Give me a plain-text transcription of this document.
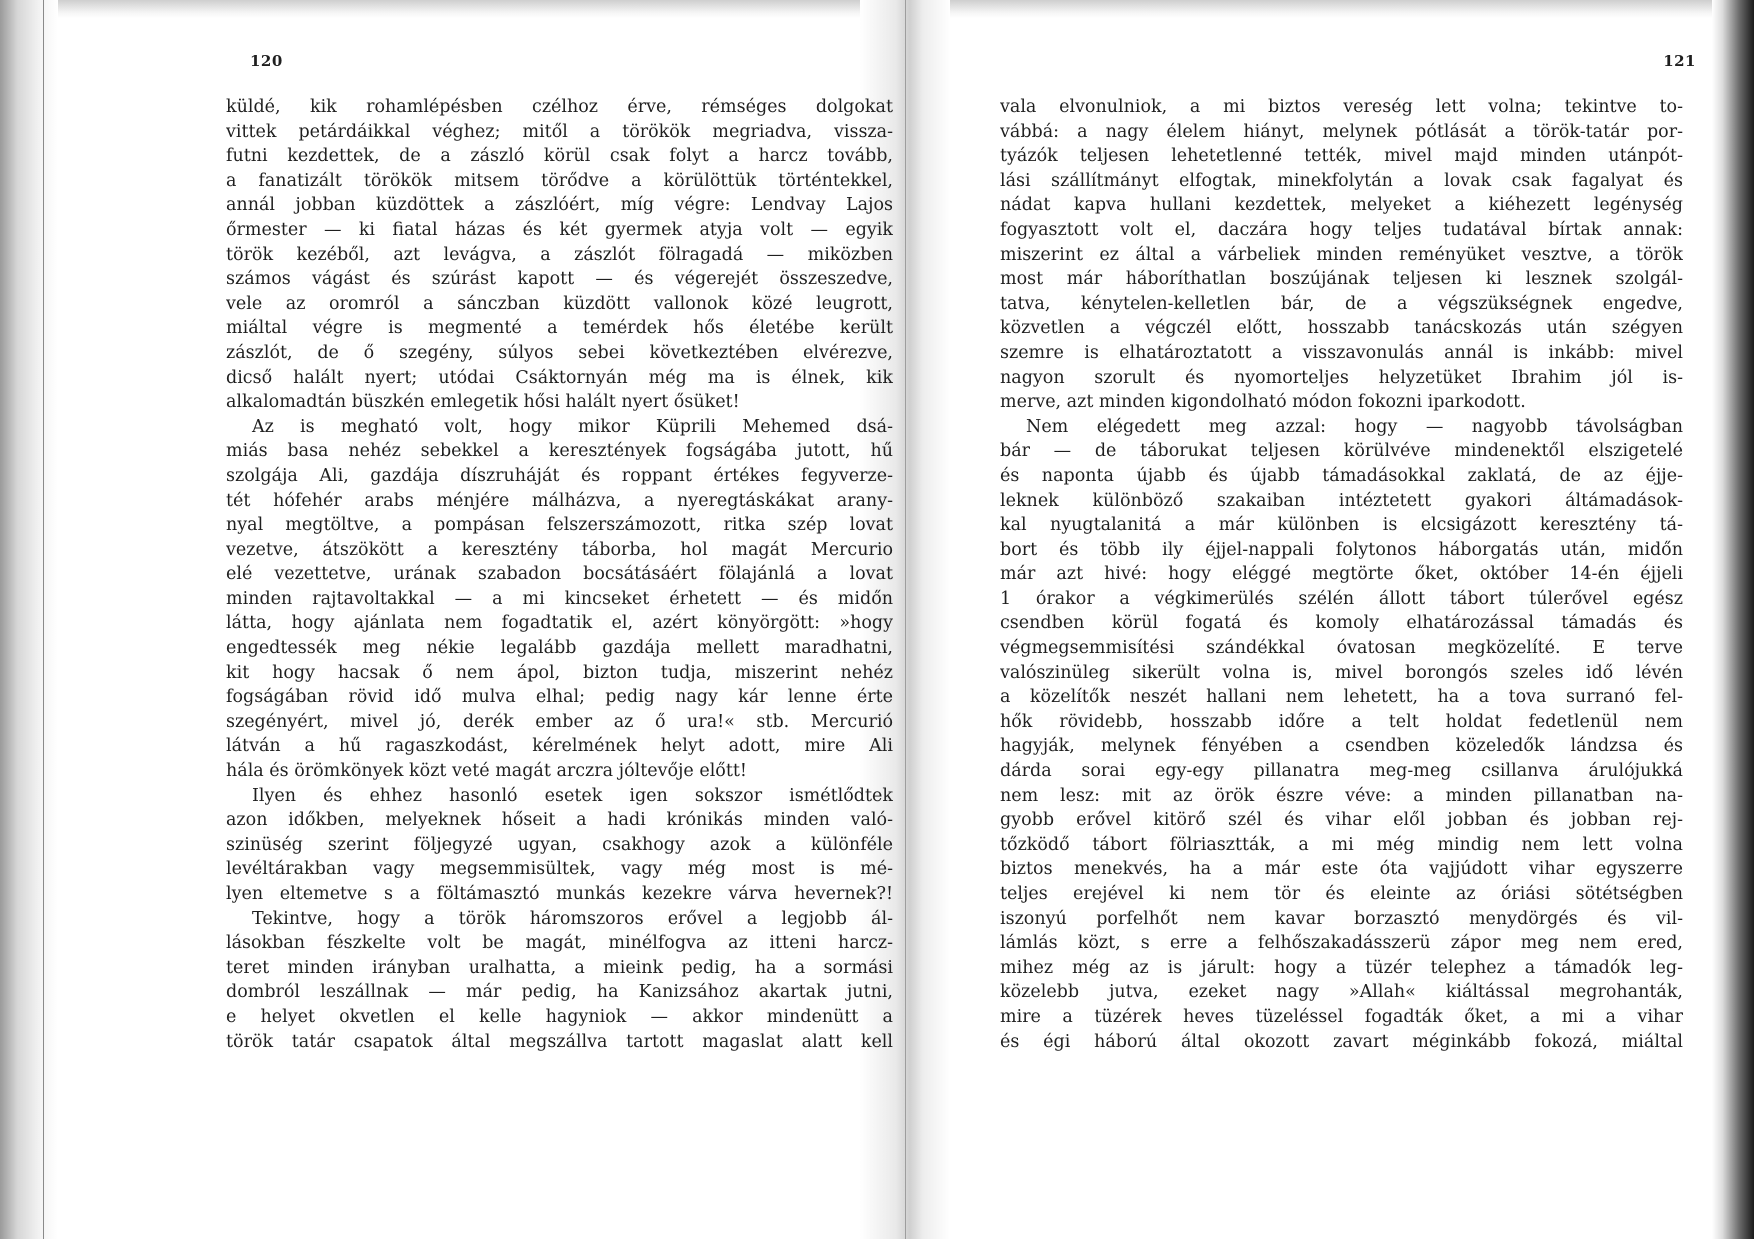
120
küldé, kik rohamlépésben czélhoz érve, rémséges dolgokat
vittek petárdáikkal véghez; mitől a törökök megriadva, vissza-
futni kezdettek, de a zászló körül csak folyt a harcz tovább,
a fanatizált törökök mitsem törődve a körülöttük történtekkel,
annál jobban küzdöttek a zászlóért, míg végre: Lendvay Lajos
őrmester — ki fiatal házas és két gyermek atyja volt — egyik
török kezéből, azt levágva, a zászlót fölragadá — miközben
számos vágást és szúrást kapott — és végerejét összeszedve,
vele az oromról a sánczban küzdött vallonok közé leugrott,
miáltal végre is megmenté a temérdek hős életébe került
zászlót, de ő szegény, súlyos sebei következtében elvérezve,
dicső halált nyert; utódai Csáktornyán még ma is élnek, kik
alkalomadtán büszkén emlegetik hősi halált nyert ősüket!
Az is megható volt, hogy mikor Küprili Mehemed dsá-
miás basa nehéz sebekkel a keresztények fogságába jutott, hű
szolgája Ali, gazdája díszruháját és roppant értékes fegyverze-
tét hófehér arabs ménjére málházva, a nyeregtáskákat arany-
nyal megtöltve, a pompásan felszerszámozott, ritka szép lovat
vezetve, átszökött a keresztény táborba, hol magát Mercurio
elé vezettetve, urának szabadon bocsátásáért fölajánlá a lovat
minden rajtavoltakkal — a mi kincseket érhetett — és midőn
látta, hogy ajánlata nem fogadtatik el, azért könyörgött: »hogy
engedtessék meg nékie legalább gazdája mellett maradhatni,
kit hogy hacsak ő nem ápol, bizton tudja, miszerint nehéz
fogságában rövid idő mulva elhal; pedig nagy kár lenne érte
szegényért, mivel jó, derék ember az ő ura!« stb. Mercurió
látván a hű ragaszkodást, kérelmének helyt adott, mire Ali
hála és örömkönyek közt veté magát arczra jóltevője előtt!
Ilyen és ehhez hasonló esetek igen sokszor ismétlődtek
azon időkben, melyeknek hőseit a hadi krónikás minden való-
szinüség szerint följegyzé ugyan, csakhogy azok a különféle
levéltárakban vagy megsemmisültek, vagy még most is mé-
lyen eltemetve s a föltámasztó munkás kezekre várva hevernek?!
Tekintve, hogy a török háromszoros erővel a legjobb ál-
lásokban fészkelte volt be magát, minélfogva az itteni harcz-
teret minden irányban uralhatta, a mieink pedig, ha a sormási
dombról leszállnak — már pedig, ha Kanizsához akartak jutni,
e helyet okvetlen el kelle hagyniok — akkor mindenütt a
török tatár csapatok által megszállva tartott magaslat alatt kell
121
vala elvonulniok, a mi biztos vereség lett volna; tekintve to-
vábbá: a nagy élelem hiányt, melynek pótlását a török-tatár por-
tyázók teljesen lehetetlenné tették, mivel majd minden utánpót-
lási szállítmányt elfogtak, minekfolytán a lovak csak fagalyat és
nádat kapva hullani kezdettek, melyeket a kiéhezett legénység
fogyasztott volt el, daczára hogy teljes tudatával bírtak annak:
miszerint ez által a várbeliek minden reményüket vesztve, a török
most már háboríthatlan boszújának teljesen ki lesznek szolgál-
tatva, kénytelen-kelletlen bár, de a végszükségnek engedve,
közvetlen a végczél előtt, hosszabb tanácskozás után szégyen
szemre is elhatároztatott a visszavonulás annál is inkább: mivel
nagyon szorult és nyomorteljes helyzetüket Ibrahim jól is-
merve, azt minden kigondolható módon fokozni iparkodott.
Nem elégedett meg azzal: hogy — nagyobb távolságban
bár — de táborukat teljesen körülvéve mindenektől elszigetelé
és naponta újabb és újabb támadásokkal zaklatá, de az éjje-
leknek különböző szakaiban intéztetett gyakori áltámadások-
kal nyugtalanitá a már különben is elcsigázott keresztény tá-
bort és több ily éjjel-nappali folytonos háborgatás után, midőn
már azt hivé: hogy eléggé megtörte őket, október 14-én éjjeli
1 órakor a végkimerülés szélén állott tábort túlerővel egész
csendben körül fogatá és komoly elhatározással támadás és
végmegsemmisítési szándékkal óvatosan megközelíté. E terve
valószinüleg sikerült volna is, mivel borongós szeles idő lévén
a közelítők neszét hallani nem lehetett, ha a tova surranó fel-
hők rövidebb, hosszabb időre a telt holdat fedetlenül nem
hagyják, melynek fényében a csendben közeledők lándzsa és
dárda sorai egy-egy pillanatra meg-meg csillanva árulójukká
nem lesz: mit az örök észre véve: a minden pillanatban na-
gyobb erővel kitörő szél és vihar elől jobban és jobban rej-
tőzködő tábort fölriasztták, a mi még mindig nem lett volna
biztos menekvés, ha a már este óta vajjúdott vihar egyszerre
teljes erejével ki nem tör és eleinte az óriási sötétségben
iszonyú porfelhőt nem kavar borzasztó menydörgés és vil-
lámlás közt, s erre a felhőszakadásszerü zápor meg nem ered,
mihez még az is járult: hogy a tüzér telephez a támadók leg-
közelebb jutva, ezeket nagy »Allah« kiáltással megrohanták,
mire a tüzérek heves tüzeléssel fogadták őket, a mi a vihar
és égi háború által okozott zavart méginkább fokozá, miáltal
